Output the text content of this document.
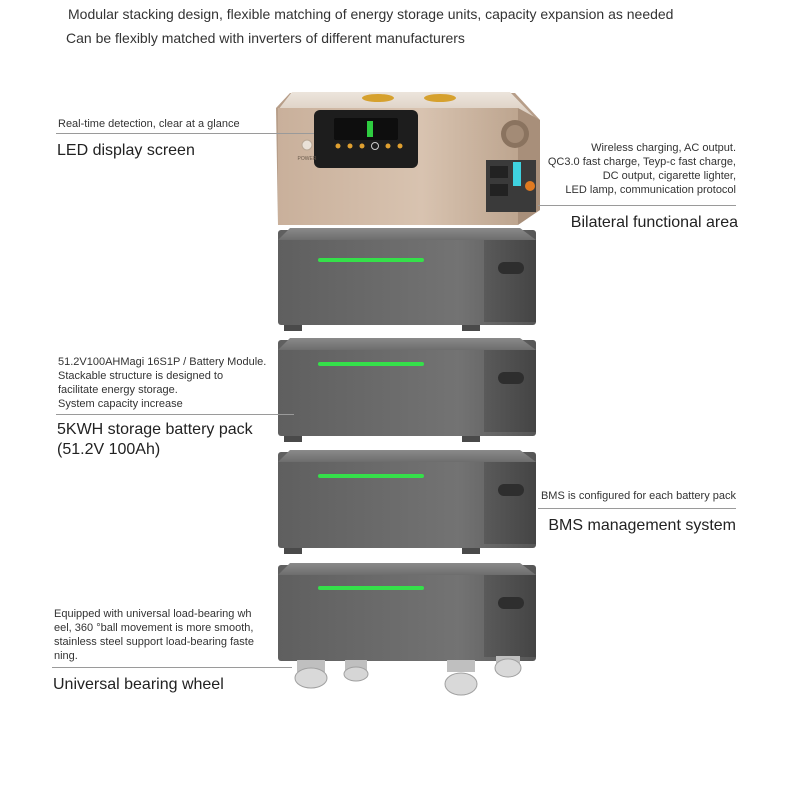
Modular stacking design, flexible matching of energy storage units, capacity expansion as needed
Can be flexibly matched with inverters of different manufacturers
POWER
Real-time detection, clear at a glance
LED display screen	Wireless charging, AC output.
QC3.0 fast charge, Teyp-c fast charge,
DC output, cigarette lighter,
LED lamp, communication protocol
Bilateral functional area
51.2V100AHMagi 16S1P / Battery Module.
Stackable structure is designed to
facilitate energy storage.
System capacity increase
5KWH storage battery pack
(51.2V 100Ah)
BMS is configured for each battery pack
BMS management system
Equipped with universal load-bearing wh
eel, 360 °ball movement is more smooth,
stainless steel support load-bearing faste
ning.
Universal bearing wheel
